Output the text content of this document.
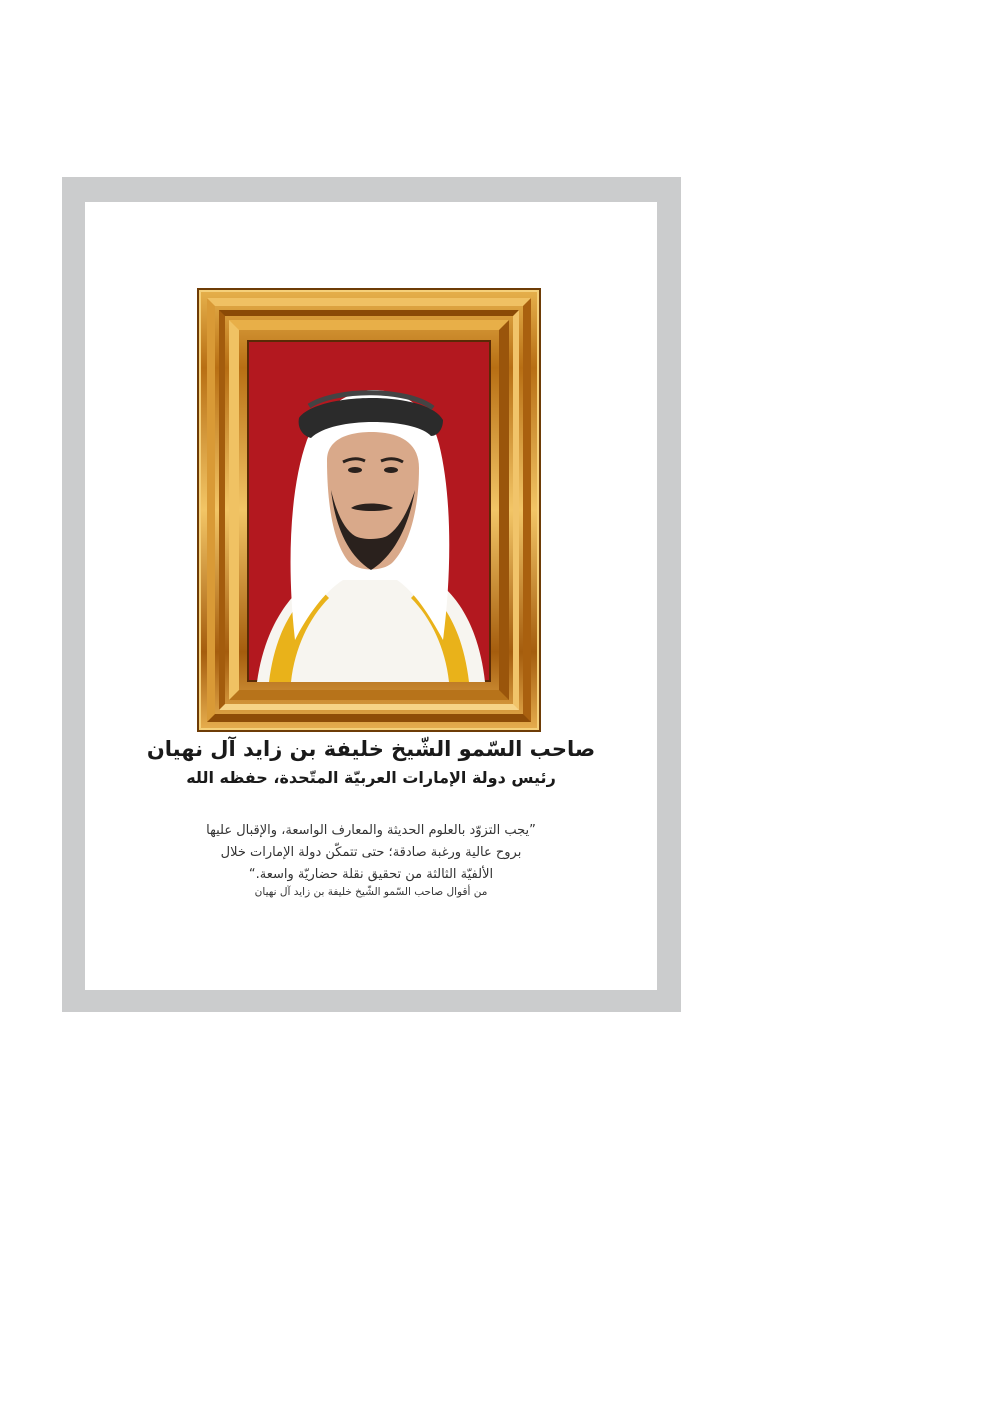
صاحب السّمو الشّيخ خليفة بن زايد آل نهيان
رئيس دولة الإمارات العربيّة المتّحدة، حفظه الله
”يجب التزوّد بالعلوم الحديثة والمعارف الواسعة، والإقبال عليها
بروح عالية ورغبة صادقة؛ حتى تتمكّن دولة الإمارات خلال
الألفيّة الثالثة من تحقيق نقلة حضاريّة واسعة.“
من أقوال صاحب السّمو الشّيخ خليفة بن زايد آل نهيان
